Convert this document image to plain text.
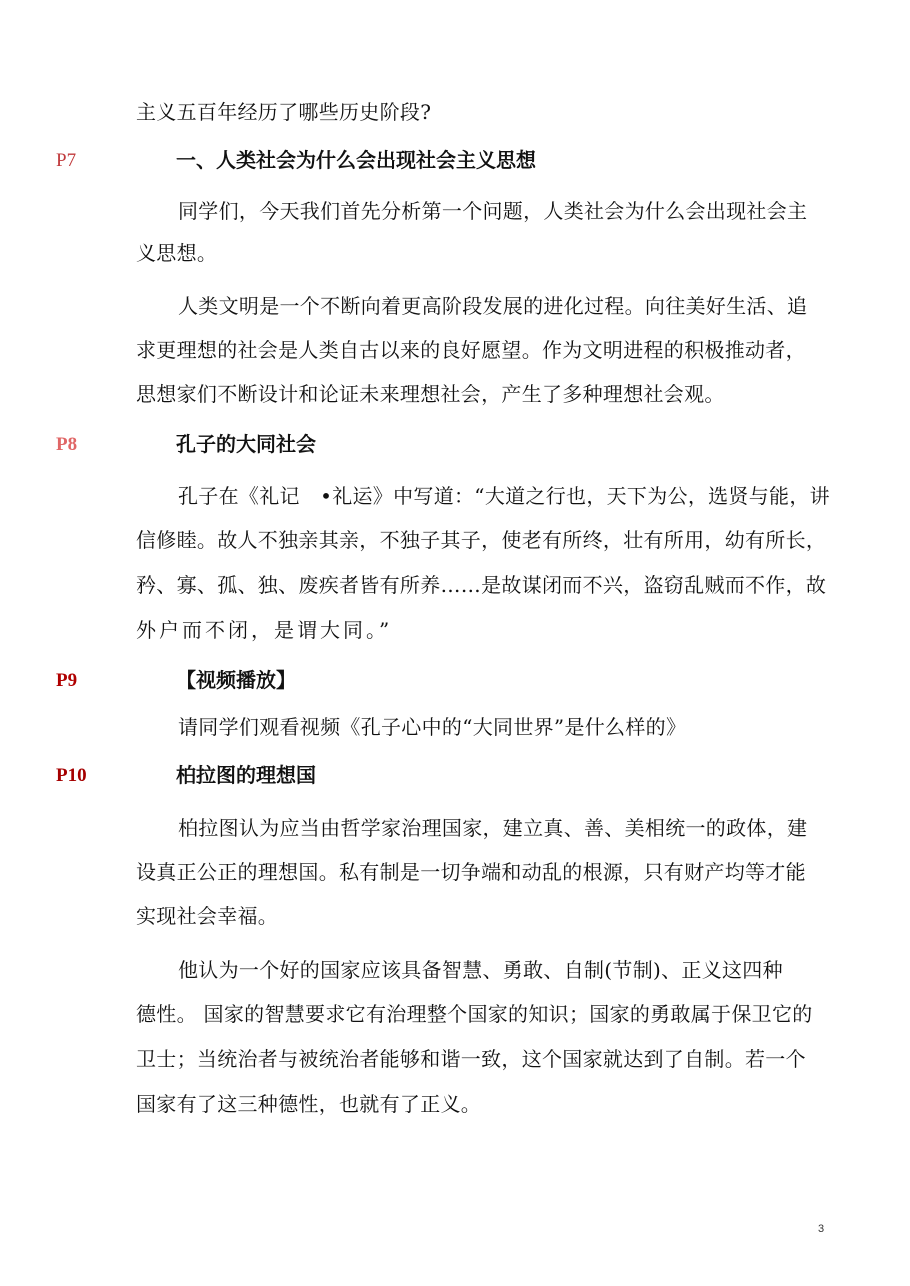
主义五百年经历了哪些历史阶段?
P7	一、人类社会为什么会出现社会主义思想
同学们，今天我们首先分析第一个问题，人类社会为什么会出现社会主
义思想。
人类文明是一个不断向着更高阶段发展的进化过程。向往美好生活、追
求更理想的社会是人类自古以来的良好愿望。作为文明进程的积极推动者，
思想家们不断设计和论证未来理想社会，产生了多种理想社会观。
P8	孔子的大同社会
孔子在《礼记　•礼运》中写道：“大道之行也，天下为公，选贤与能，讲
信修睦。故人不独亲其亲，不独子其子，使老有所终，壮有所用，幼有所长，
矜、寡、孤、独、废疾者皆有所养……是故谋闭而不兴，盗窃乱贼而不作，故
外户而不闭，是谓大同。”
P9	【视频播放】
请同学们观看视频《孔子心中的“大同世界”是什么样的》
P10	柏拉图的理想国
柏拉图认为应当由哲学家治理国家，建立真、善、美相统一的政体，建
设真正公正的理想国。私有制是一切争端和动乱的根源，只有财产均等才能
实现社会幸福。
他认为一个好的国家应该具备智慧、勇敢、自制(节制)、正义这四种
德性。 国家的智慧要求它有治理整个国家的知识；国家的勇敢属于保卫它的
卫士；当统治者与被统治者能够和谐一致，这个国家就达到了自制。若一个
国家有了这三种德性，也就有了正义。
3
